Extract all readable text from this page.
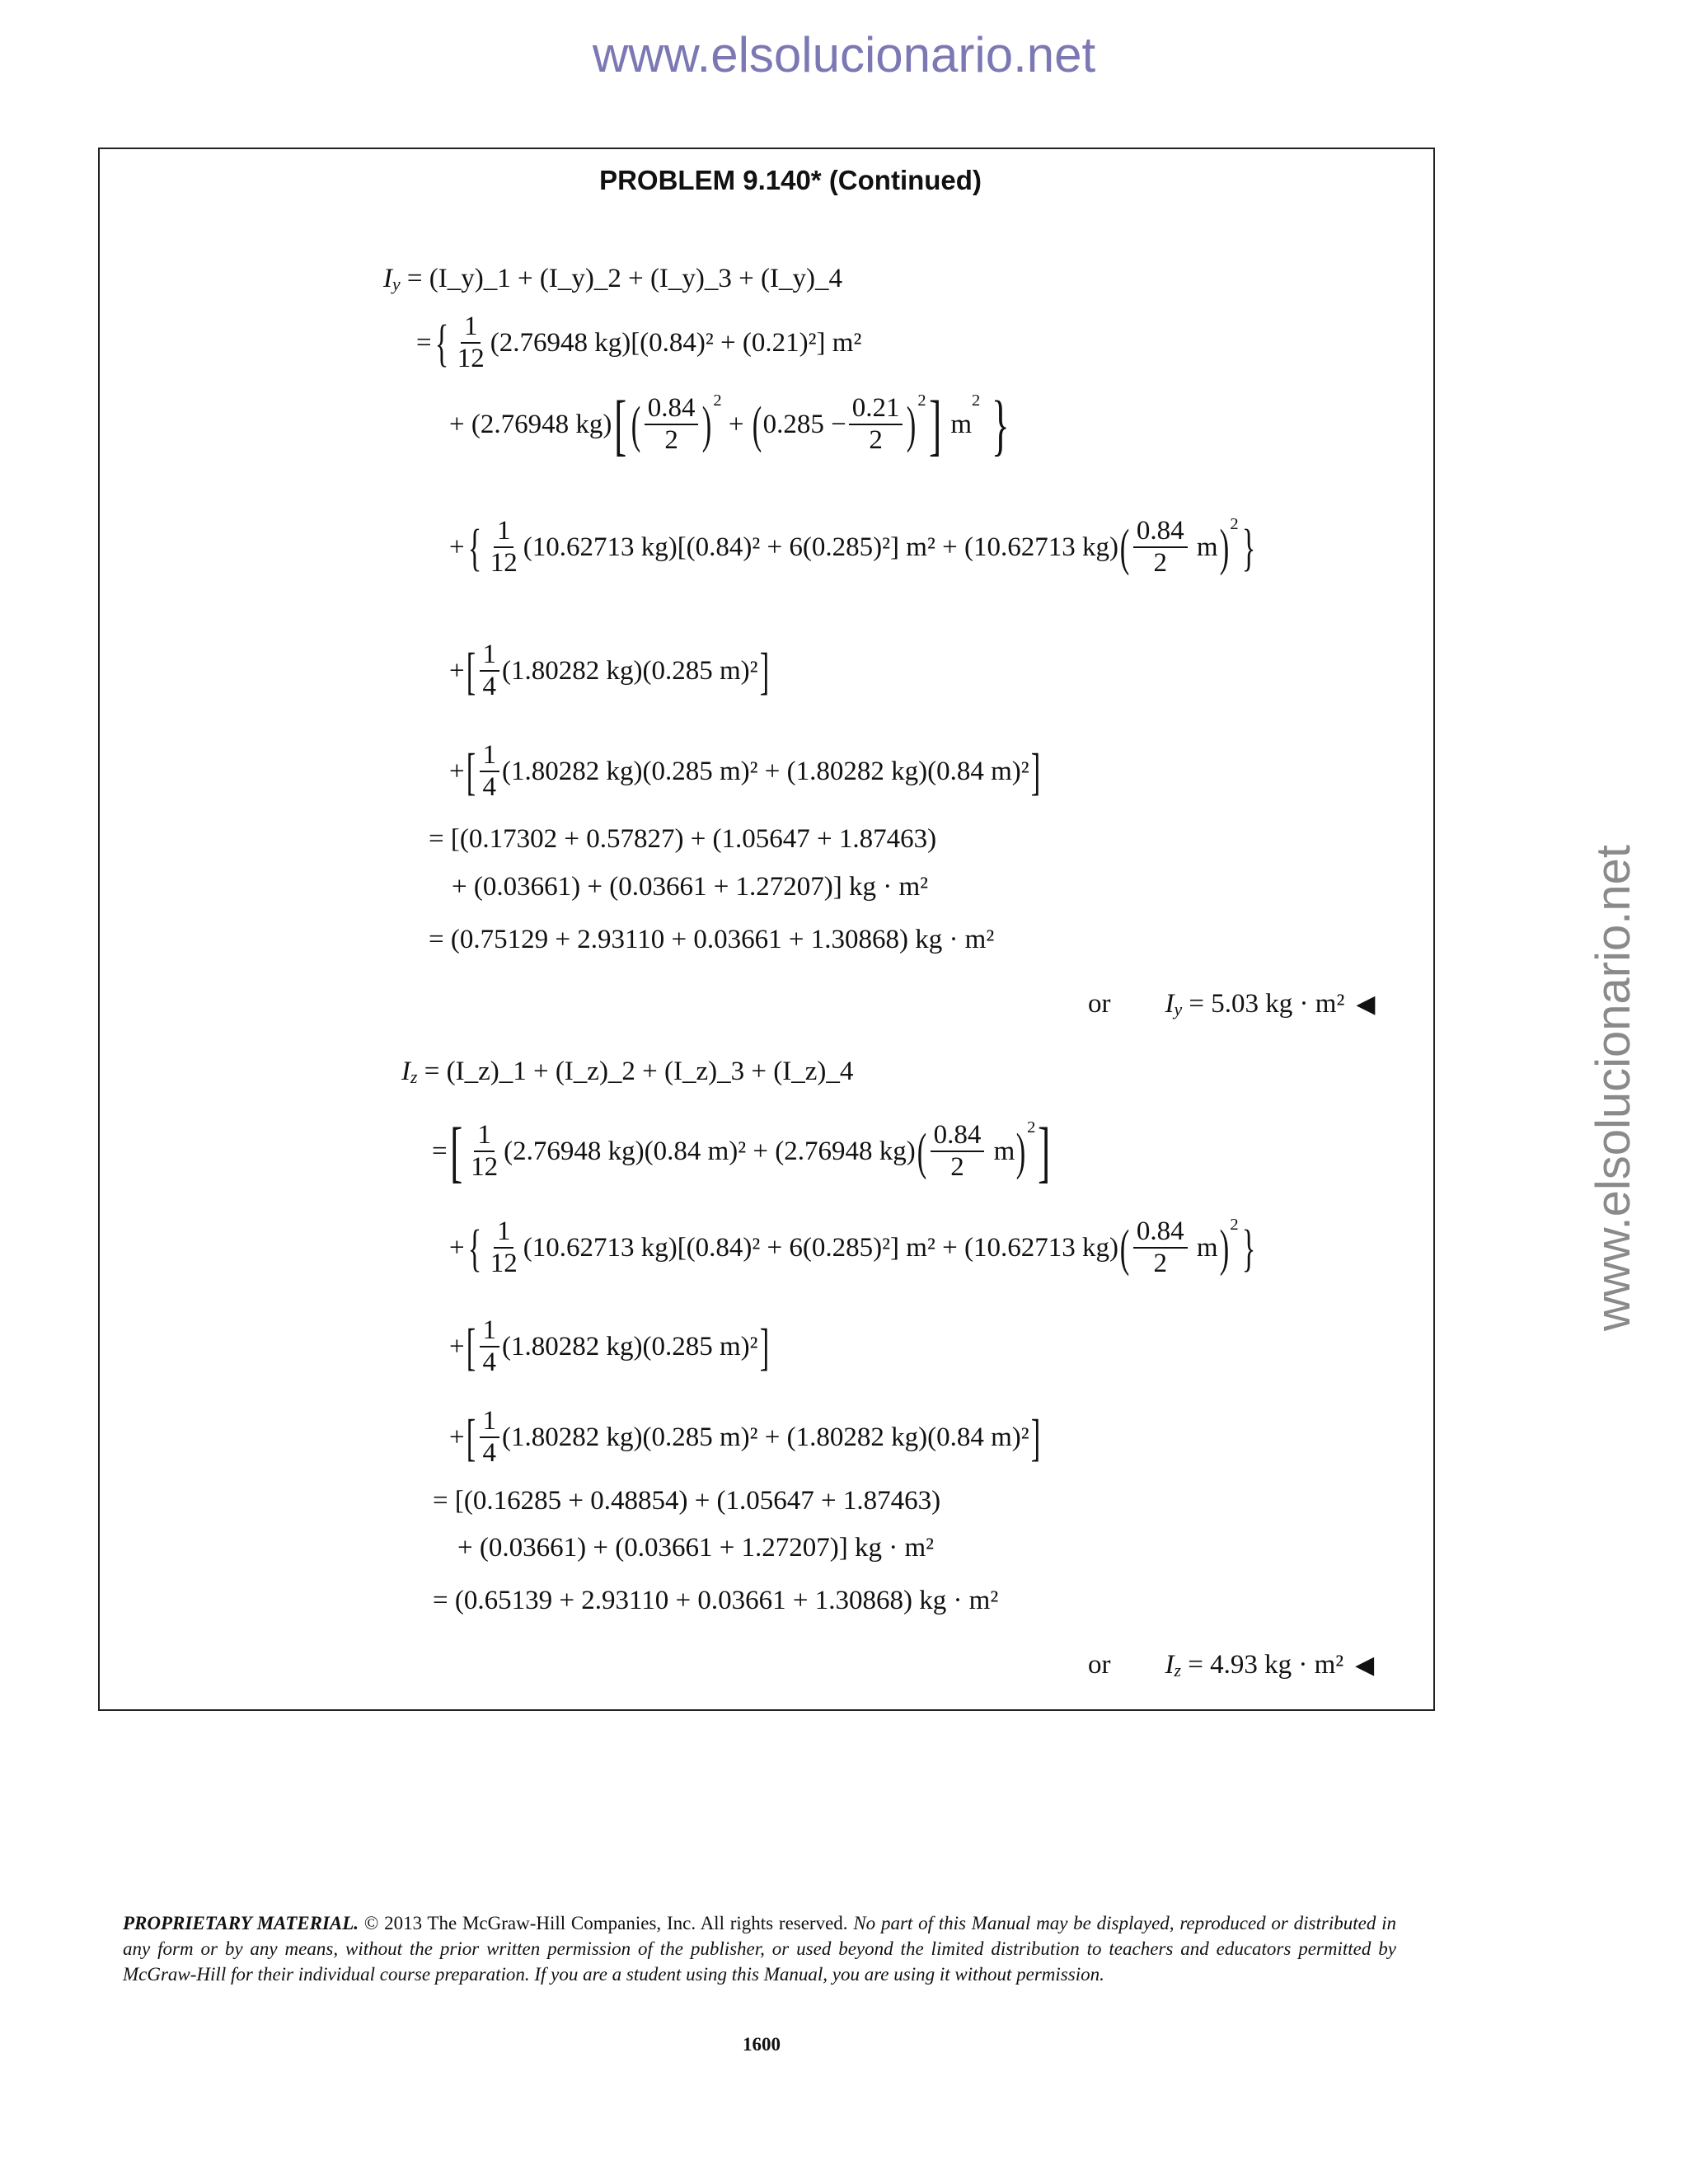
www.elsolucionario.net
www.elsolucionario.net
PROBLEM 9.140* (Continued)
I y
= (I_y)_1 + (I_y)_2 + (I_y)_3 + (I_y)_4
= { $\frac{1}{12} (2.76948$ kg)[(0.84)² + (0.21)²] m²
+ (2.76948 kg) [ ( $\frac{0.84}{2}$ ) 2
+ ( $0.285 - \frac{0.21}{2}$ ) 2 ]
m
2
}
+ { $\frac{1}{12} (10.62713$ kg)[(0.84)² + 6(0.285)²] m² + (10.62713 kg) ( $\frac{0.84}{2}$
m ) 2 }
+ [ $\frac{1}{4} (1.80282$ kg)(0.285 m)² ]
+ [ $\frac{1}{4} (1.80282$ kg)(0.285 m)² + (1.80282 kg)(0.84 m)² ]
= [(0.17302 + 0.57827) + (1.05647 + 1.87463)
+ (0.03661) + (0.03661 + 1.27207)] kg · m²
= (0.75129 + 2.93110 + 0.03661 + 1.30868) kg · m²
or
I y
= 5.03 kg · m² ◀
I z
= (I_z)_1 + (I_z)_2 + (I_z)_3 + (I_z)_4
= [ $\frac{1}{12} (2.76948$ kg)(0.84 m)² + (2.76948 kg) ( $\frac{0.84}{2}$
m ) 2 ]
+ { $\frac{1}{12} (10.62713$ kg)[(0.84)² + 6(0.285)²] m² + (10.62713 kg) ( $\frac{0.84}{2}$
m ) 2 }
+ [ $\frac{1}{4} (1.80282$ kg)(0.285 m)² ]
+ [ $\frac{1}{4} (1.80282$ kg)(0.285 m)² + (1.80282 kg)(0.84 m)² ]
= [(0.16285 + 0.48854) + (1.05647 + 1.87463)
+ (0.03661) + (0.03661 + 1.27207)] kg · m²
= (0.65139 + 2.93110 + 0.03661 + 1.30868) kg · m²
or
I z
= 4.93 kg · m² ◀
PROPRIETARY MATERIAL. © 2013 The McGraw-Hill Companies, Inc. All rights reserved. No part of this Manual may be displayed, reproduced or distributed in any form or by any means, without the prior written permission of the publisher, or used beyond the limited distribution to teachers and educators permitted by McGraw-Hill for their individual course preparation. If you are a student using this Manual, you are using it without permission.
1600
